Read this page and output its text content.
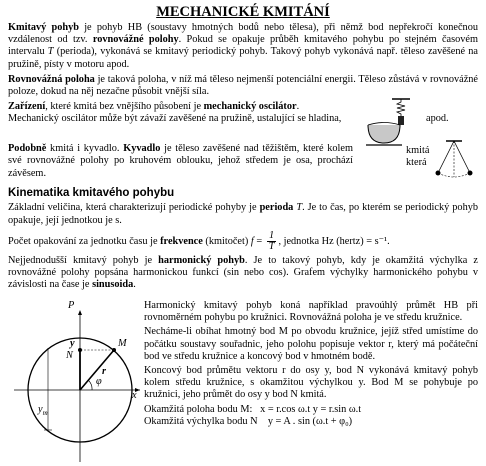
MECHANICKÉ KMITÁNÍ

Kmitavý pohyb je pohyb HB (soustavy hmotných bodů nebo tělesa), při němž bod nepřekročí konečnou vzdálenost od tzv. rovnovážné polohy. Pokud se opakuje průběh kmitavého pohybu po stejném časovém intervalu T (perioda), vykonává se kmitavý periodický pohyb. Takový pohyb vykonává např. těleso zavěšené na pružině, písty v motoru apod.

Rovnovážná poloha je taková poloha, v níž má těleso nejmenší potenciální energii. Těleso zůstává v rovnovážné poloze, dokud na něj nezačne působit vnější síla.

Zařízení, které kmitá bez vnějšího působení je mechanický oscilátor.
Mechanický oscilátor může být závaží zavěšené na pružině, ustalující se hladina,	apod.

Podobně kmitá i kyvadlo. Kyvadlo je těleso zavěšené nad těžištěm, které kolem své rovnovážné polohy po kruhovém oblouku, jehož středem je osa, prochází závěsem.

kmitá
která
Kinematika kmitavého pohybu

Základní veličina, která charakterizují periodické pohyby je perioda T. Je to čas, po kterém se periodický pohyb opakuje, její jednotkou je s.

Počet opakování za jednotku času je frekvence (kmitočet) $f = \frac{1}{T}$ , jednotka Hz (hertz) = s⁻¹.

Nejjednodušší kmitavý pohyb je harmonický pohyb. Je to takový pohyb, kdy je okamžitá výchylka z rovnovážné polohy popsána harmonickou funkcí (sin nebo cos). Grafem výchylky harmonického pohybu v závislosti na čase je sinusoida.

P
y	M
N
r
φ
x
$y_m$

Harmonický kmitavý pohyb koná například pravoúhlý průmět HB při rovnoměrném pohybu po kružnici. Rovnovážná poloha je ve středu kružnice.

Necháme-li obíhat hmotný bod M po obvodu kružnice, jejíž střed umístíme do počátku soustavy souřadnic, jeho polohu popisuje vektor r, který má počáteční bod ve středu kružnice a koncový bod v hmotném bodě.

Koncový bod průmětu vektoru r do osy y, bod N vykonává kmitavý pohyb kolem středu kružnice, s okamžitou výchylkou y. Bod M se pohybuje po kružnici, jeho průmět do osy y bod N kmitá.

Okamžitá poloha bodu M: x = r.cos ω.t y = r.sin ω.t
Okamžitá výchylka bodu N y = A . sin (ω.t + φ₀)
